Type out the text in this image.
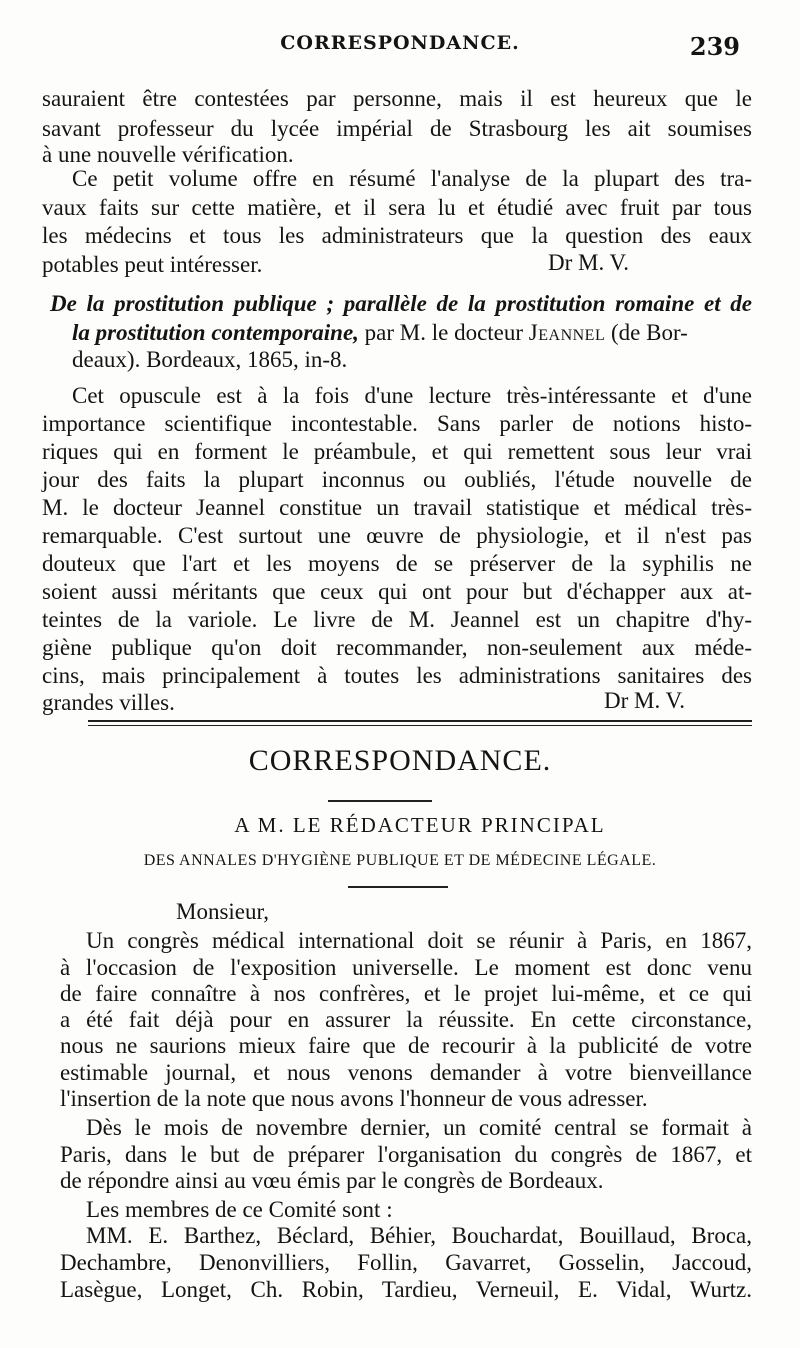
CORRESPONDANCE.	239
sauraient être contestées par personne, mais il est heureux que le
savant professeur du lycée impérial de Strasbourg les ait soumises
à une nouvelle vérification.
Ce petit volume offre en résumé l'analyse de la plupart des tra-
vaux faits sur cette matière, et il sera lu et étudié avec fruit par tous
les médecins et tous les administrateurs que la question des eaux
potables peut intéresser.	Dr M. V.
De la prostitution publique ; parallèle de la prostitution romaine et de
la prostitution contemporaine, par M. le docteur Jeannel (de Bor-
deaux). Bordeaux, 1865, in-8.
Cet opuscule est à la fois d'une lecture très-intéressante et d'une
importance scientifique incontestable. Sans parler de notions histo-
riques qui en forment le préambule, et qui remettent sous leur vrai
jour des faits la plupart inconnus ou oubliés, l'étude nouvelle de
M. le docteur Jeannel constitue un travail statistique et médical très-
remarquable. C'est surtout une œuvre de physiologie, et il n'est pas
douteux que l'art et les moyens de se préserver de la syphilis ne
soient aussi méritants que ceux qui ont pour but d'échapper aux at-
teintes de la variole. Le livre de M. Jeannel est un chapitre d'hy-
giène publique qu'on doit recommander, non-seulement aux méde-
cins, mais principalement à toutes les administrations sanitaires des
grandes villes.	Dr M. V.
CORRESPONDANCE.
A M. LE RÉDACTEUR PRINCIPAL
DES ANNALES D'HYGIÈNE PUBLIQUE ET DE MÉDECINE LÉGALE.
Monsieur,
Un congrès médical international doit se réunir à Paris, en 1867,
à l'occasion de l'exposition universelle. Le moment est donc venu
de faire connaître à nos confrères, et le projet lui-même, et ce qui
a été fait déjà pour en assurer la réussite. En cette circonstance,
nous ne saurions mieux faire que de recourir à la publicité de votre
estimable journal, et nous venons demander à votre bienveillance
l'insertion de la note que nous avons l'honneur de vous adresser.
Dès le mois de novembre dernier, un comité central se formait à
Paris, dans le but de préparer l'organisation du congrès de 1867, et
de répondre ainsi au vœu émis par le congrès de Bordeaux.
Les membres de ce Comité sont :
MM. E. Barthez, Béclard, Béhier, Bouchardat, Bouillaud, Broca,
Dechambre, Denonvilliers, Follin, Gavarret, Gosselin, Jaccoud,
Lasègue, Longet, Ch. Robin, Tardieu, Verneuil, E. Vidal, Wurtz.
